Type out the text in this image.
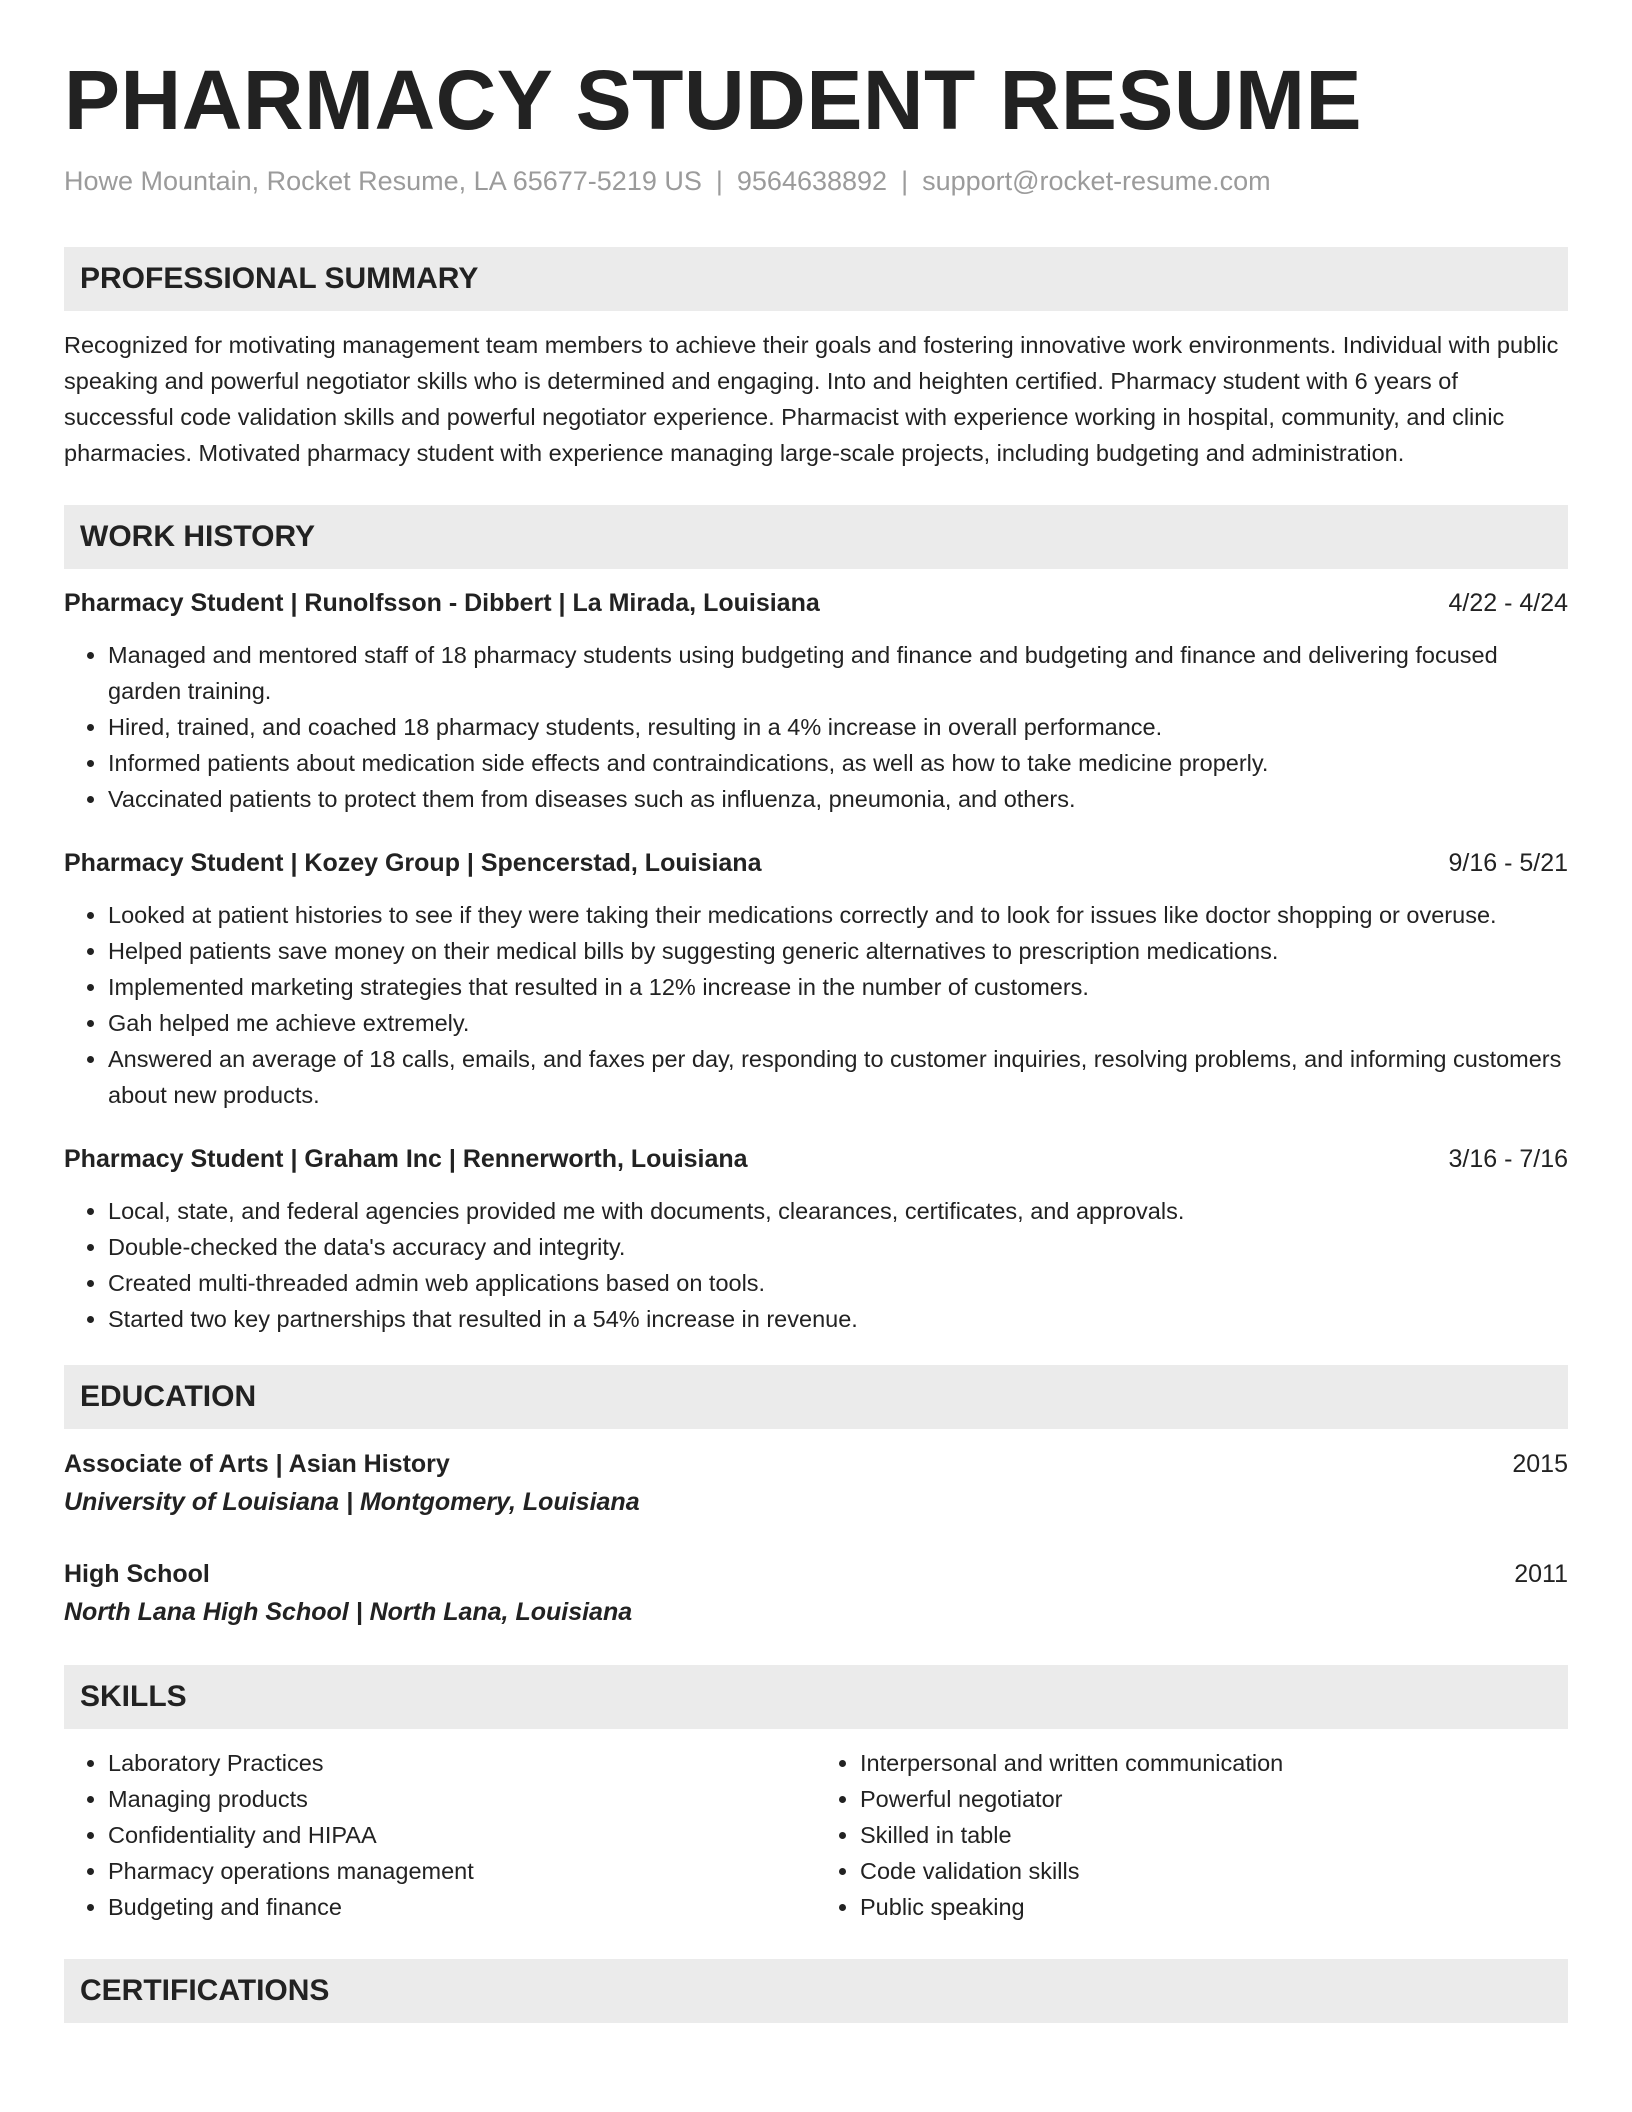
PHARMACY STUDENT RESUME
Howe Mountain, Rocket Resume, LA 65677-5219 US | 9564638892 | support@rocket-resume.com
PROFESSIONAL SUMMARY
Recognized for motivating management team members to achieve their goals and fostering innovative work environments. Individual with public speaking and powerful negotiator skills who is determined and engaging. Into and heighten certified. Pharmacy student with 6 years of successful code validation skills and powerful negotiator experience. Pharmacist with experience working in hospital, community, and clinic pharmacies. Motivated pharmacy student with experience managing large-scale projects, including budgeting and administration.
WORK HISTORY
Pharmacy Student | Runolfsson - Dibbert | La Mirada, Louisiana	4/22 - 4/24
• Managed and mentored staff of 18 pharmacy students using budgeting and finance and budgeting and finance and delivering focused garden training.
• Hired, trained, and coached 18 pharmacy students, resulting in a 4% increase in overall performance.
• Informed patients about medication side effects and contraindications, as well as how to take medicine properly.
• Vaccinated patients to protect them from diseases such as influenza, pneumonia, and others.
Pharmacy Student | Kozey Group | Spencerstad, Louisiana	9/16 - 5/21
• Looked at patient histories to see if they were taking their medications correctly and to look for issues like doctor shopping or overuse.
• Helped patients save money on their medical bills by suggesting generic alternatives to prescription medications.
• Implemented marketing strategies that resulted in a 12% increase in the number of customers.
• Gah helped me achieve extremely.
• Answered an average of 18 calls, emails, and faxes per day, responding to customer inquiries, resolving problems, and informing customers about new products.
Pharmacy Student | Graham Inc | Rennerworth, Louisiana	3/16 - 7/16
• Local, state, and federal agencies provided me with documents, clearances, certificates, and approvals.
• Double-checked the data's accuracy and integrity.
• Created multi-threaded admin web applications based on tools.
• Started two key partnerships that resulted in a 54% increase in revenue.
EDUCATION
Associate of Arts | Asian History	2015
University of Louisiana | Montgomery, Louisiana
High School	2011
North Lana High School | North Lana, Louisiana
SKILLS
• Laboratory Practices
• Managing products
• Confidentiality and HIPAA
• Pharmacy operations management
• Budgeting and finance
• Interpersonal and written communication
• Powerful negotiator
• Skilled in table
• Code validation skills
• Public speaking
CERTIFICATIONS
